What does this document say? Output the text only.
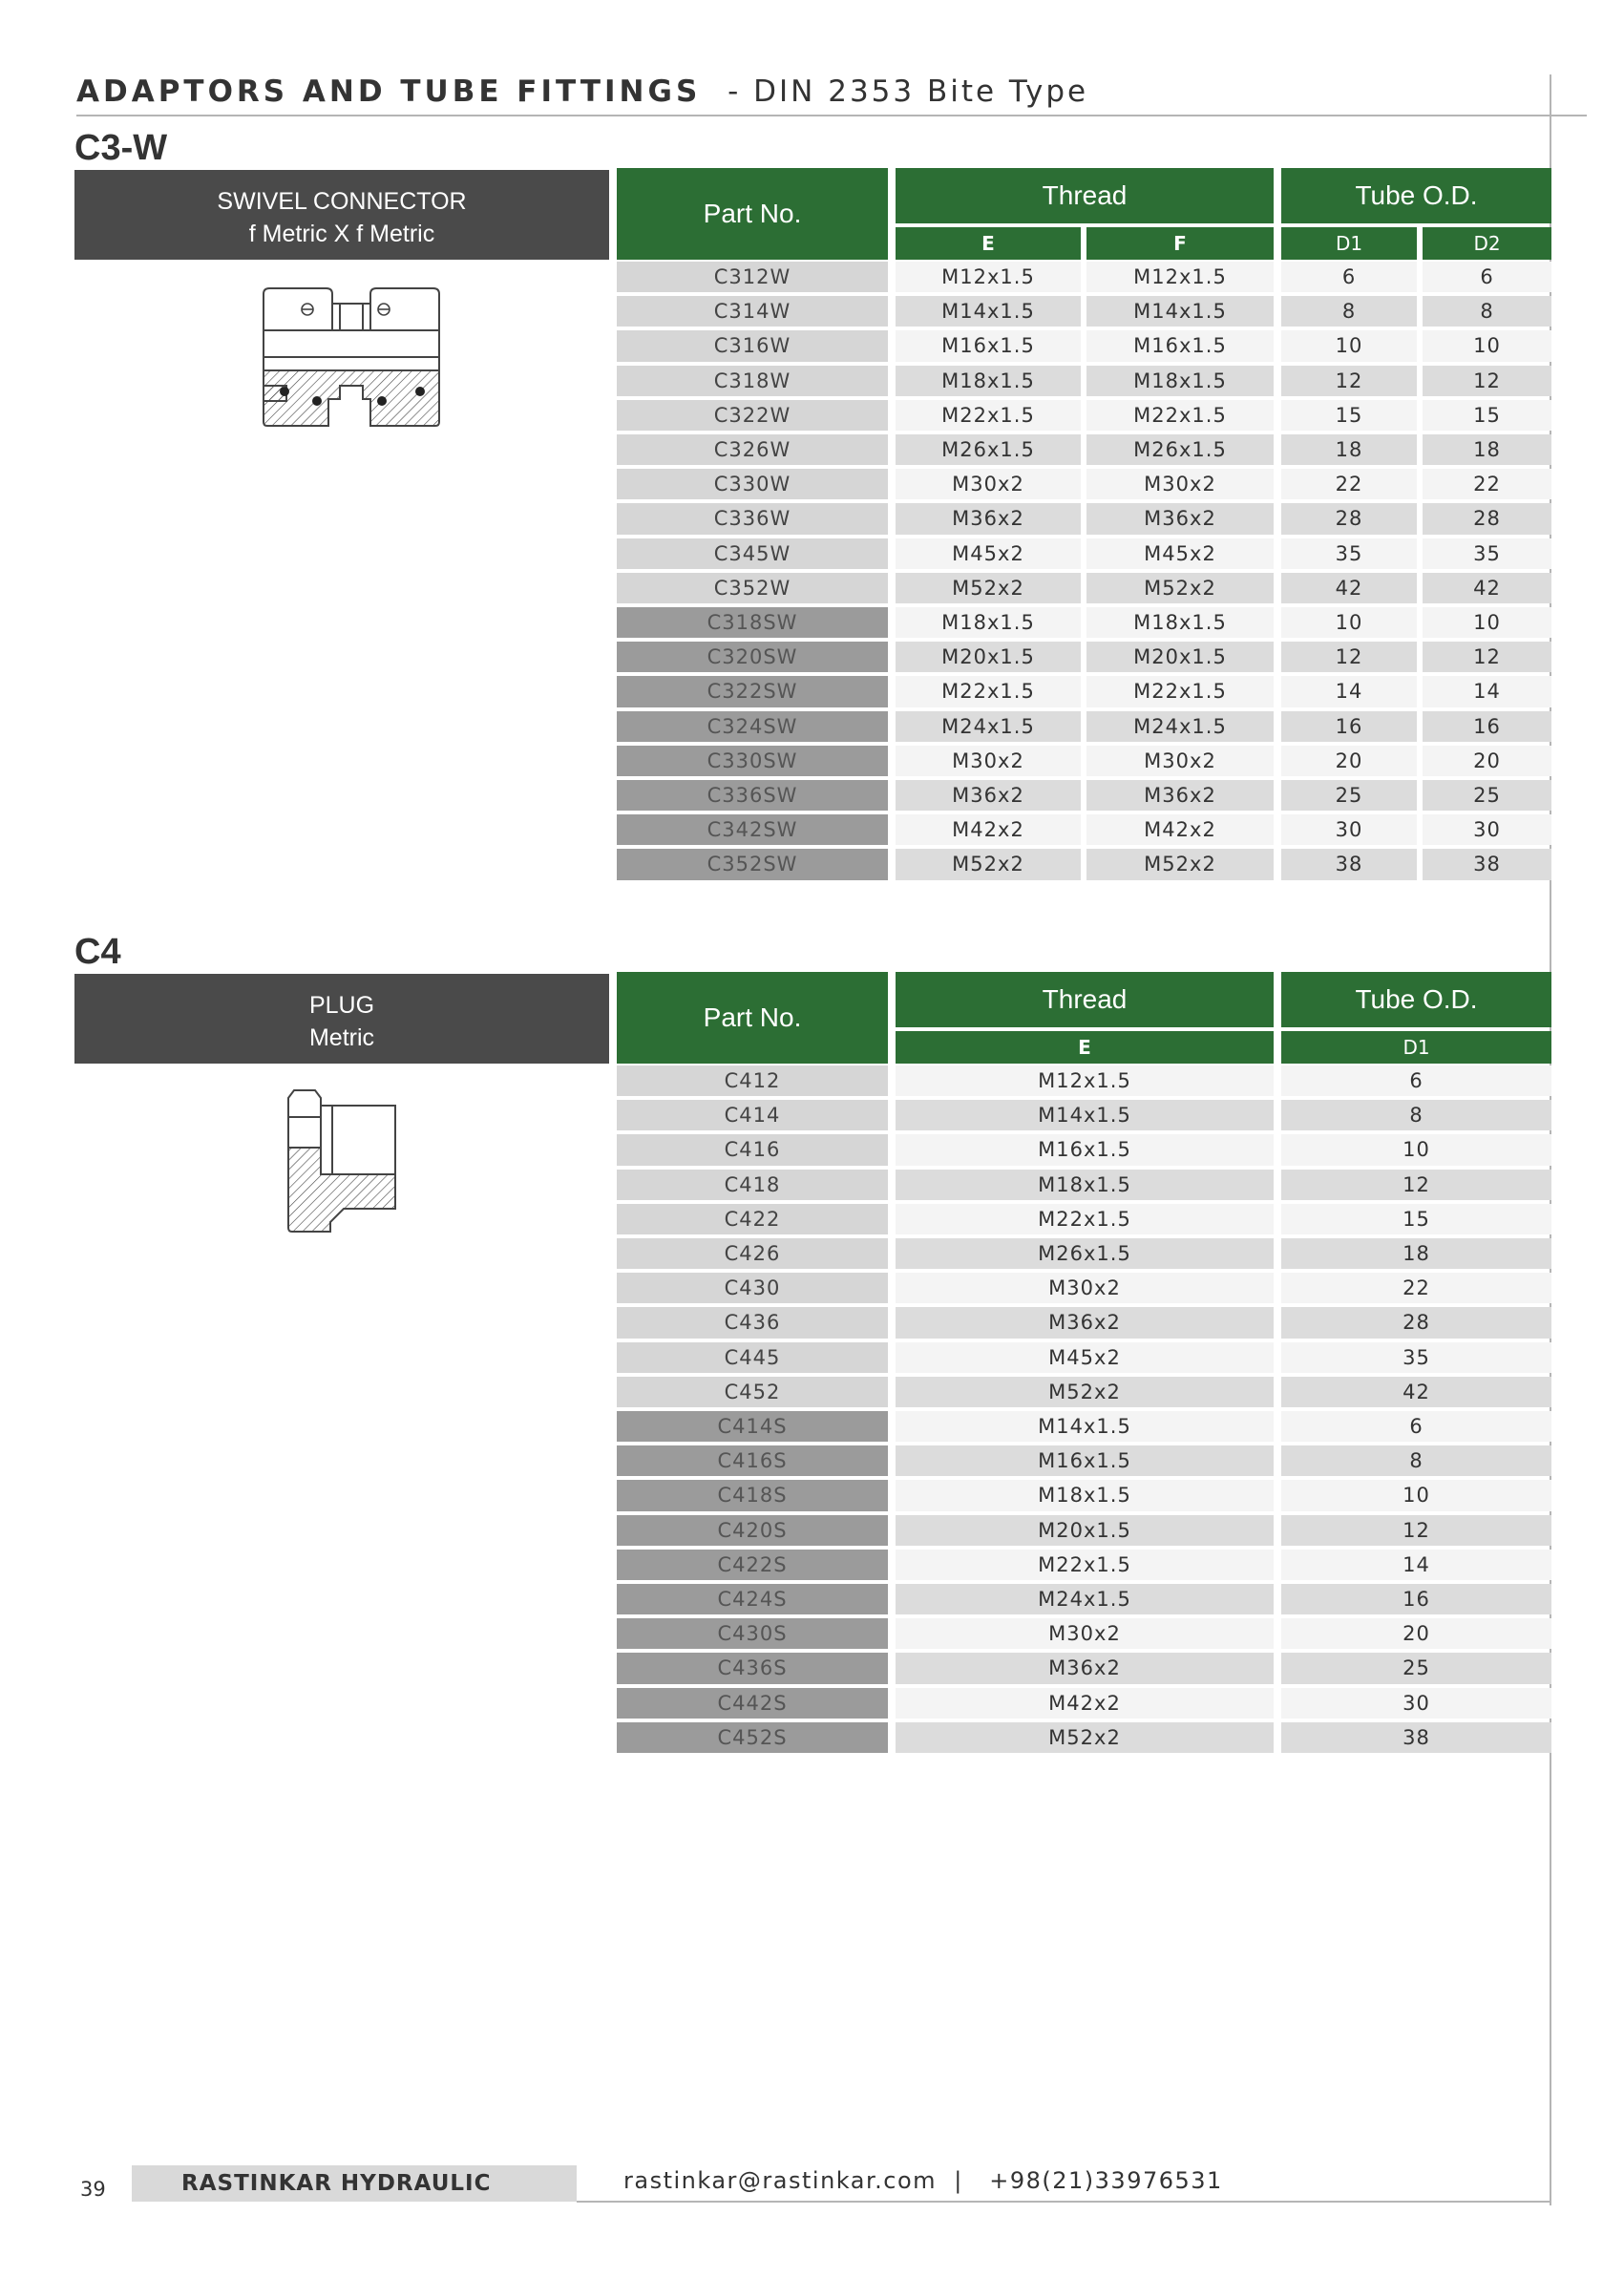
ADAPTORS AND TUBE FITTINGS - DIN 2353 Bite Type
C3-W
SWIVEL CONNECTOR
f Metric X f Metric
Part No.
Thread	Tube O.D.
E	F	D1	D2
C312W	M12x1.5	M12x1.5	6	6
C314W	M14x1.5	M14x1.5	8	8
C316W	M16x1.5	M16x1.5	10	10
C318W	M18x1.5	M18x1.5	12	12
C322W	M22x1.5	M22x1.5	15	15
C326W	M26x1.5	M26x1.5	18	18
C330W	M30x2	M30x2	22	22
C336W	M36x2	M36x2	28	28
C345W	M45x2	M45x2	35	35
C352W	M52x2	M52x2	42	42
C318SW	M18x1.5	M18x1.5	10	10
C320SW	M20x1.5	M20x1.5	12	12
C322SW	M22x1.5	M22x1.5	14	14
C324SW	M24x1.5	M24x1.5	16	16
C330SW	M30x2	M30x2	20	20
C336SW	M36x2	M36x2	25	25
C342SW	M42x2	M42x2	30	30
C352SW	M52x2	M52x2	38	38
C4
PLUG
Metric
Part No.
Thread	Tube O.D.
E	D1
C412	M12x1.5	6
C414	M14x1.5	8
C416	M16x1.5	10
C418	M18x1.5	12
C422	M22x1.5	15
C426	M26x1.5	18
C430	M30x2	22
C436	M36x2	28
C445	M45x2	35
C452	M52x2	42
C414S	M14x1.5	6
C416S	M16x1.5	8
C418S	M18x1.5	10
C420S	M20x1.5	12
C422S	M22x1.5	14
C424S	M24x1.5	16
C430S	M30x2	20
C436S	M36x2	25
C442S	M42x2	30
C452S	M52x2	38
39	RASTINKAR HYDRAULIC	rastinkar@rastinkar.com  |   +98(21)33976531
